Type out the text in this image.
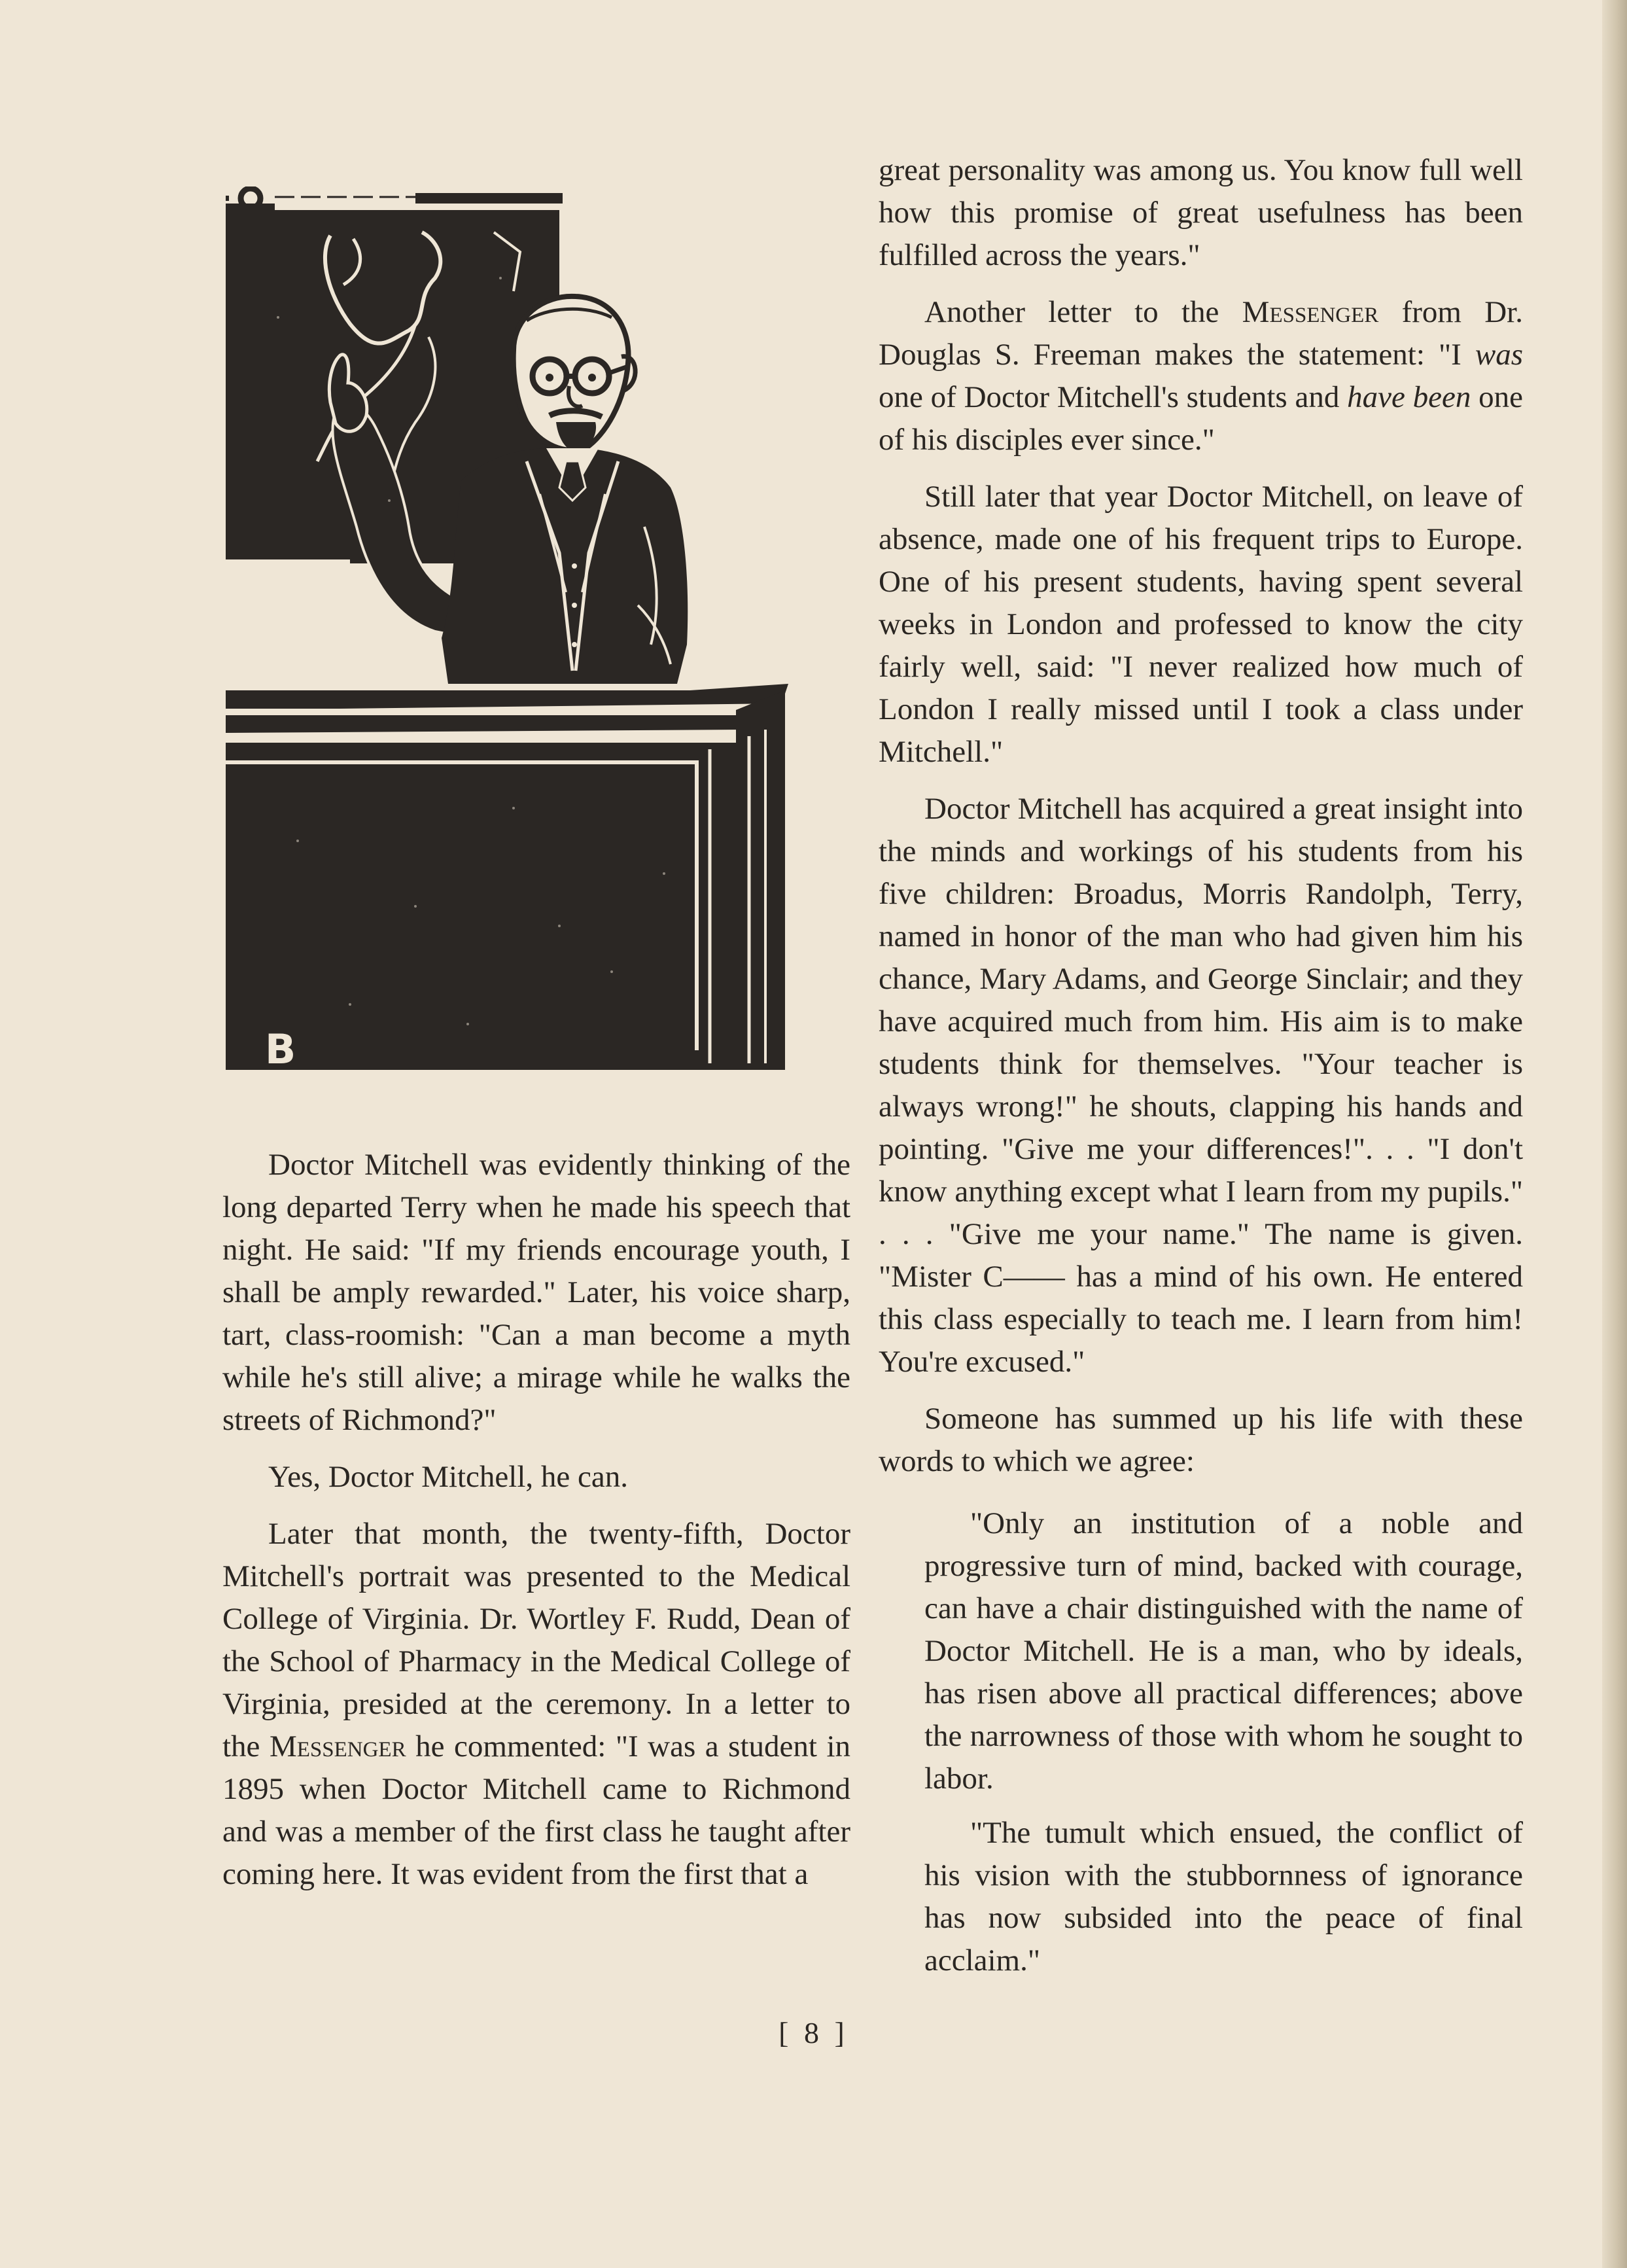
B

Doctor Mitchell was evidently thinking of the long departed Terry when he made his speech that night. He said: "If my friends encourage youth, I shall be amply rewarded." Later, his voice sharp, tart, class-roomish: "Can a man become a myth while he's still alive; a mirage while he walks the streets of Richmond?"

Yes, Doctor Mitchell, he can.

Later that month, the twenty-fifth, Doctor Mitchell's portrait was presented to the Medical College of Virginia. Dr. Wortley F. Rudd, Dean of the School of Pharmacy in the Medical College of Virginia, presided at the ceremony. In a letter to the Messenger he commented: "I was a student in 1895 when Doctor Mitchell came to Richmond and was a member of the first class he taught after coming here. It was evident from the first that a

great personality was among us. You know full well how this promise of great usefulness has been fulfilled across the years."

Another letter to the Messenger from Dr. Douglas S. Freeman makes the statement: "I was one of Doctor Mitchell's students and have been one of his disciples ever since."

Still later that year Doctor Mitchell, on leave of absence, made one of his frequent trips to Europe. One of his present students, having spent several weeks in London and professed to know the city fairly well, said: "I never realized how much of London I really missed until I took a class under Mitchell."

Doctor Mitchell has acquired a great insight into the minds and workings of his students from his five children: Broadus, Morris Randolph, Terry, named in honor of the man who had given him his chance, Mary Adams, and George Sinclair; and they have acquired much from him. His aim is to make students think for themselves. "Your teacher is always wrong!" he shouts, clapping his hands and pointing. "Give me your differences!". . . "I don't know anything except what I learn from my pupils." . . . "Give me your name." The name is given. "Mister C—— has a mind of his own. He entered this class especially to teach me. I learn from him! You're excused."

Someone has summed up his life with these words to which we agree:

"Only an institution of a noble and progressive turn of mind, backed with courage, can have a chair distinguished with the name of Doctor Mitchell. He is a man, who by ideals, has risen above all practical differences; above the narrowness of those with whom he sought to labor.

"The tumult which ensued, the conflict of his vision with the stubbornness of ignorance has now subsided into the peace of final acclaim."

[ 8 ]
